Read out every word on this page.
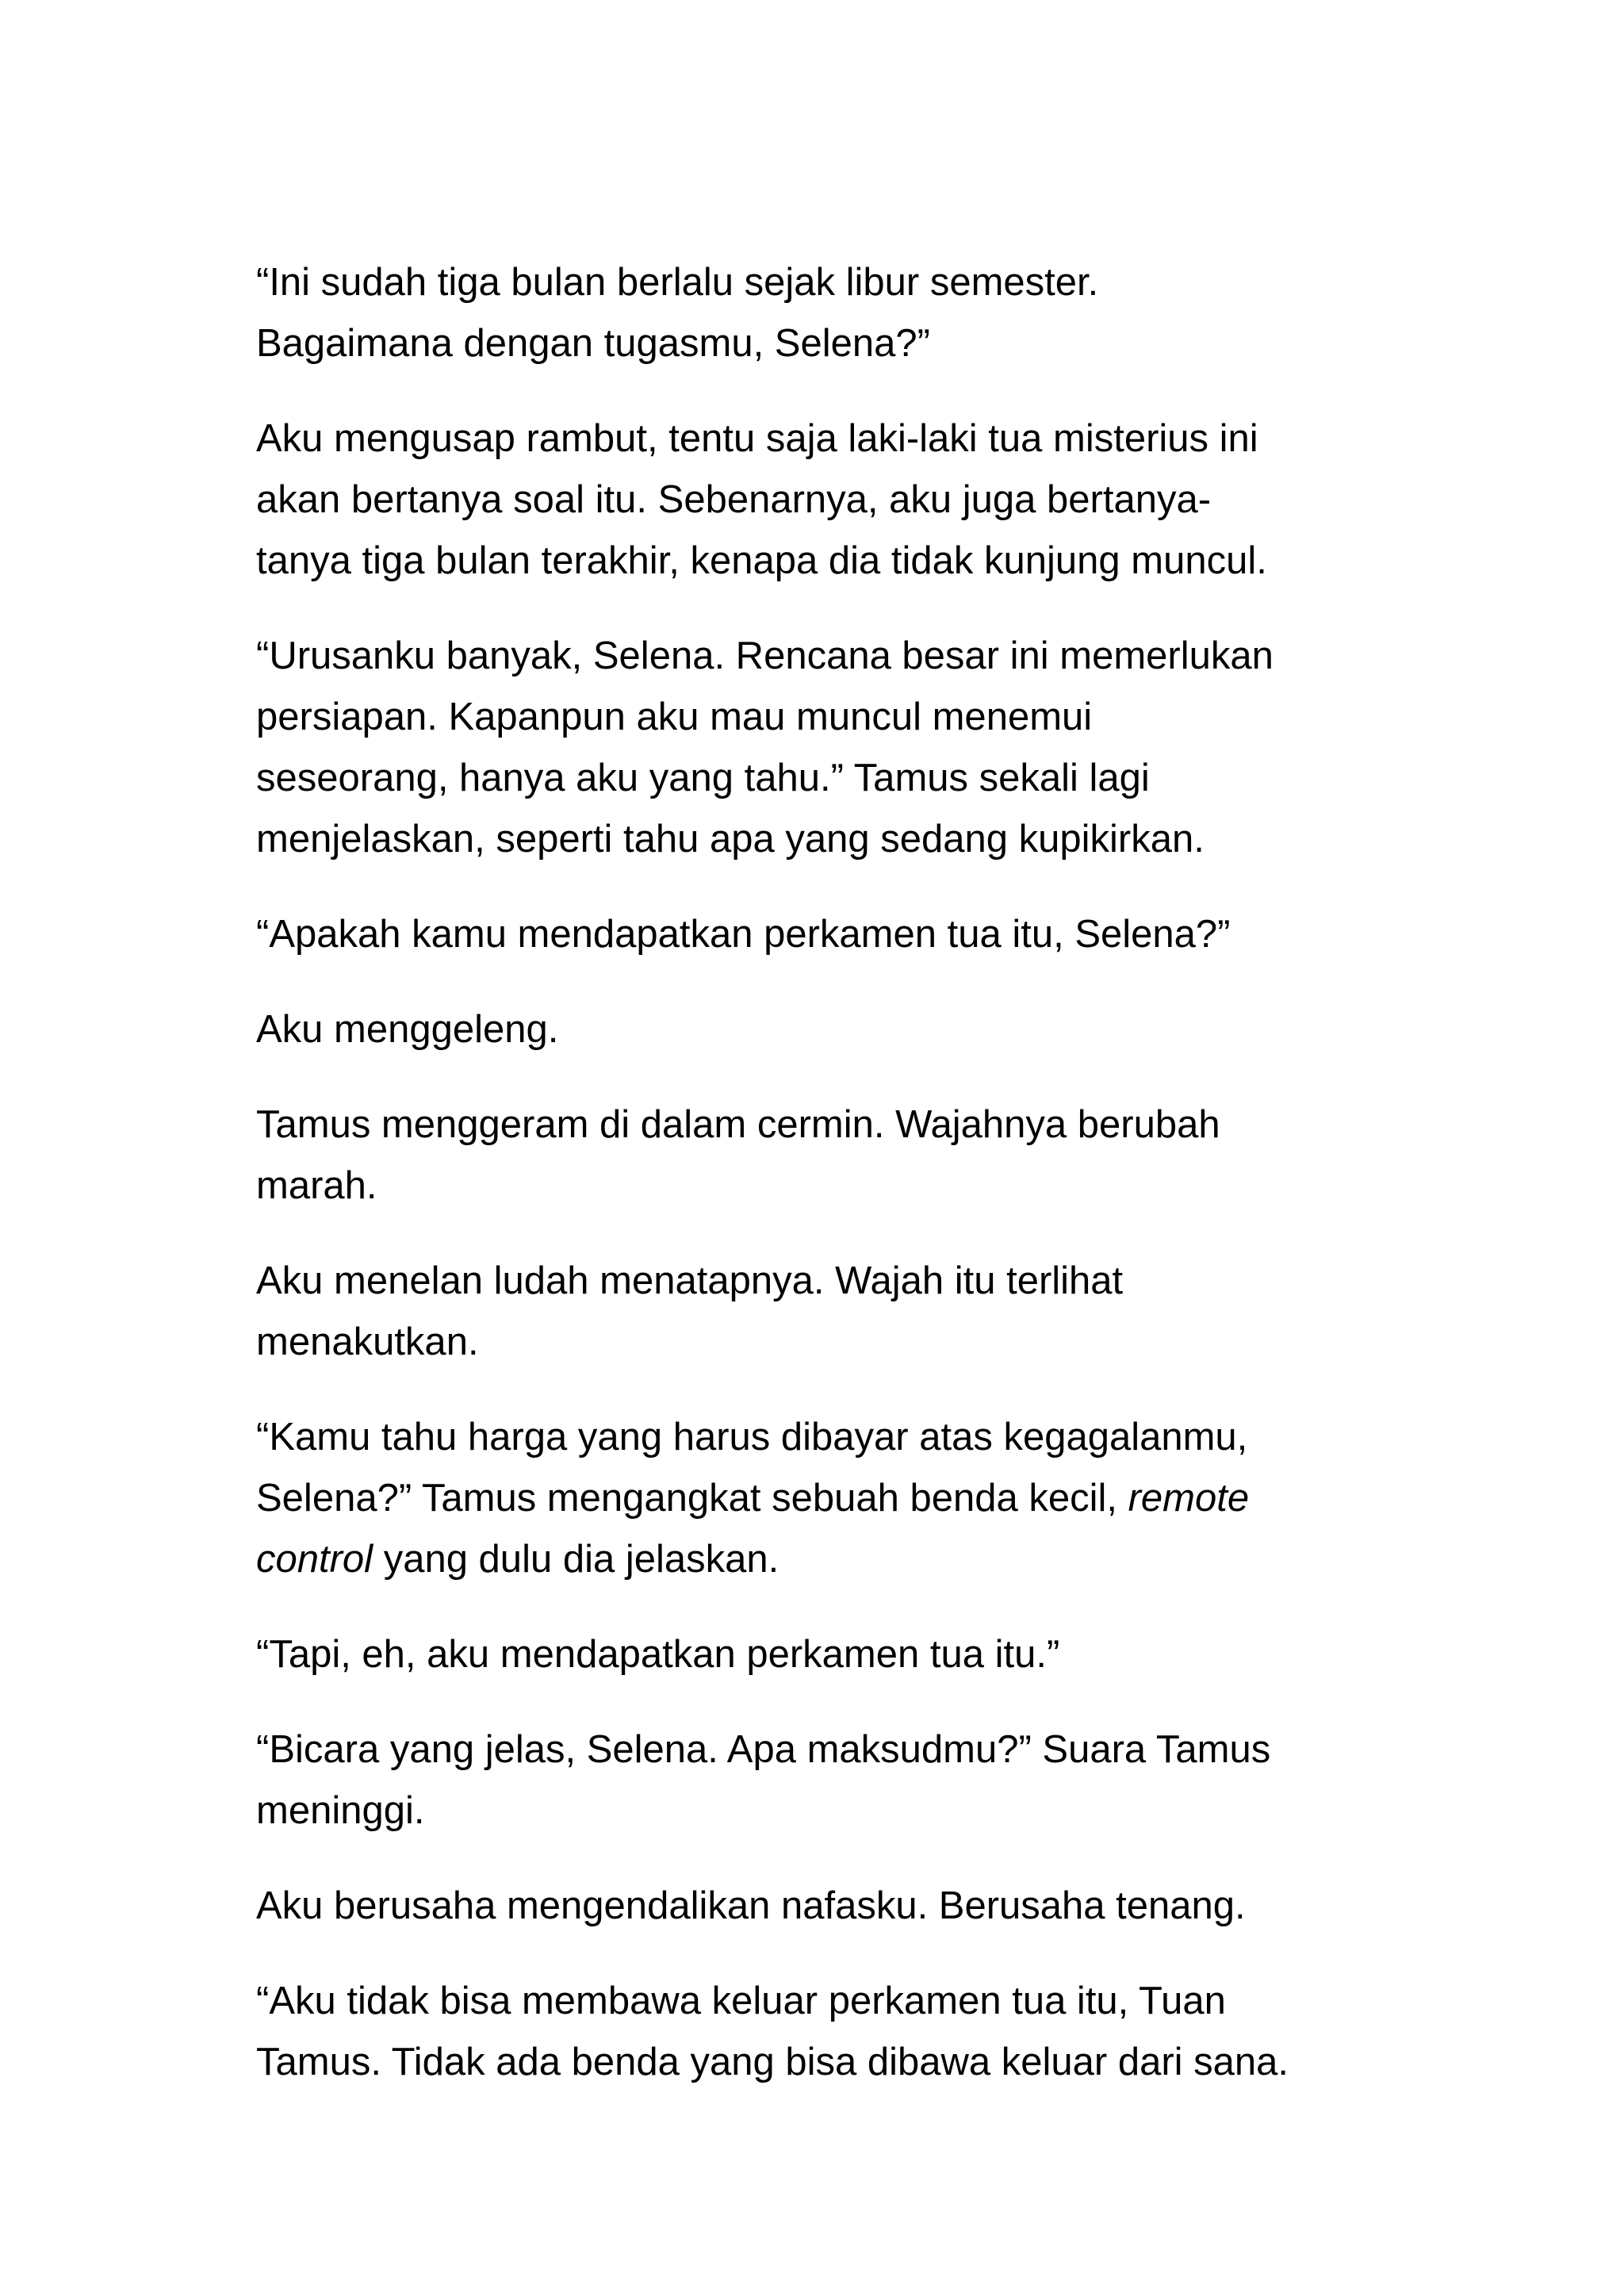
“Ini sudah tiga bulan berlalu sejak libur semester.
Bagaimana dengan tugasmu, Selena?”

Aku mengusap rambut, tentu saja laki-laki tua misterius ini
akan bertanya soal itu. Sebenarnya, aku juga bertanya-
tanya tiga bulan terakhir, kenapa dia tidak kunjung muncul.

“Urusanku banyak, Selena. Rencana besar ini memerlukan
persiapan. Kapanpun aku mau muncul menemui
seseorang, hanya aku yang tahu.” Tamus sekali lagi
menjelaskan, seperti tahu apa yang sedang kupikirkan.

“Apakah kamu mendapatkan perkamen tua itu, Selena?”

Aku menggeleng.

Tamus menggeram di dalam cermin. Wajahnya berubah
marah.

Aku menelan ludah menatapnya. Wajah itu terlihat
menakutkan.

“Kamu tahu harga yang harus dibayar atas kegagalanmu,
Selena?” Tamus mengangkat sebuah benda kecil, remote
control yang dulu dia jelaskan.

“Tapi, eh, aku mendapatkan perkamen tua itu.”

“Bicara yang jelas, Selena. Apa maksudmu?” Suara Tamus
meninggi.

Aku berusaha mengendalikan nafasku. Berusaha tenang.

“Aku tidak bisa membawa keluar perkamen tua itu, Tuan
Tamus. Tidak ada benda yang bisa dibawa keluar dari sana.
